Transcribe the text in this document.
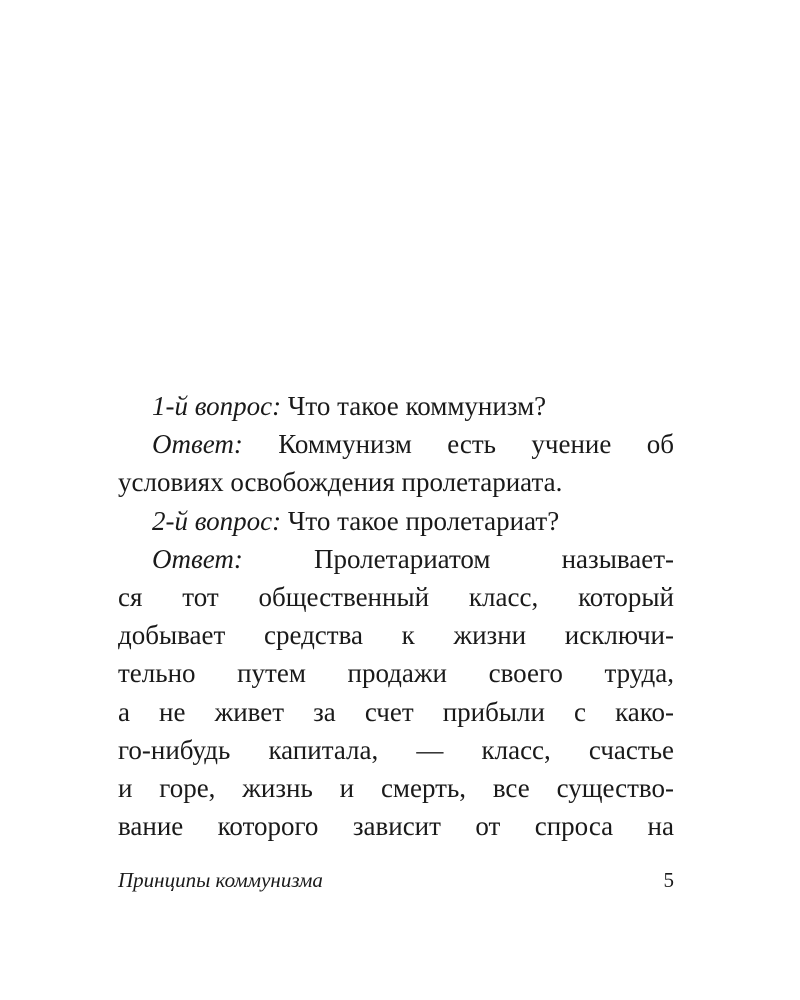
1-й вопрос: Что такое коммунизм?
Ответ: Коммунизм есть учение об
условиях освобождения пролетариата.
2-й вопрос: Что такое пролетариат?
Ответ:	Пролетариатом называет-
ся тот общественный класс, который
добывает средства к жизни исключи-
тельно путем продажи своего труда,
а не живет за счет прибыли с како-
го-нибудь капитала, — класс, счастье
и горе, жизнь и смерть, все существо-
вание которого зависит от спроса на
Принципы коммунизма	5
